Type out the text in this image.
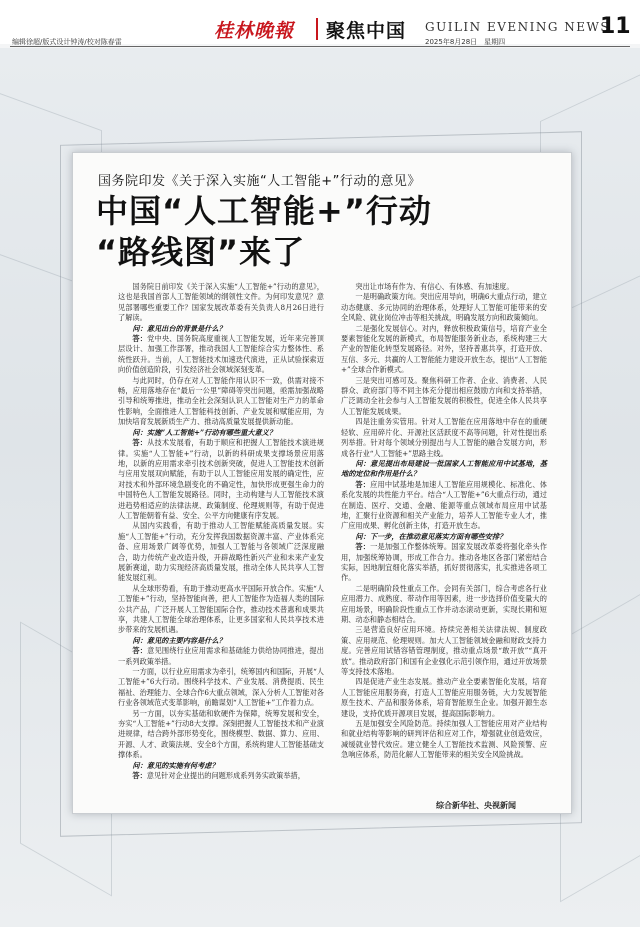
桂林晚報 聚焦中国 GUILIN EVENING NEWS
11
2025年8月28日　星期四
编辑徐超/版式设计钟涛/校对陈春雷
国务院印发《关于深入实施“人工智能+”行动的意见》
中国“人工智能+”行动
“路线图”来了

国务院日前印发《关于深入实施“人工智能+”行动的意见》，这也是我国首部人工智能领域的纲领性文件。为何印发意见？意见部署哪些重要工作？国家发展改革委有关负责人8月26日进行了解读。

问：意见出台的背景是什么？

答：党中央、国务院高度重视人工智能发展，近年来完善顶层设计、加强工作部署，推动我国人工智能综合实力整体性、系统性跃升。当前，人工智能技术加速迭代演进，正从试验探索迈向价值创造阶段，引发经济社会领域深刻变革。

与此同时，仍存在对人工智能作用认识不一致，供需对接不畅，应用落地存在“最后一公里”障碍等突出问题，亟需加强战略引导和统筹推进，推动全社会深刻认识人工智能对生产力的革命性影响，全面推进人工智能科技创新、产业发展和赋能应用，为加快培育发展新质生产力、推动高质量发展提供新动能。

问：实施“人工智能+”行动有哪些重大意义？

答：从技术发展看，有助于顺应和把握人工智能技术演进规律。实施“人工智能+”行动，以新的科研成果支撑场景应用落地，以新的应用需求牵引技术创新突破，促进人工智能技术创新与应用发展双向赋能，有助于以人工智能应用发展的确定性，应对技术和外部环境急剧变化的不确定性，加快形成更强生命力的中国特色人工智能发展路径。同时，主动构建与人工智能技术演进趋势相适应的法律法规、政策制度、伦理规则等，有助于促进人工智能朝着有益、安全、公平方向健康有序发展。

从国内实践看，有助于推动人工智能赋能高质量发展。实施“人工智能+”行动，充分发挥我国数据资源丰富、产业体系完备、应用场景广阔等优势，加强人工智能与各领域广泛深度融合，助力传统产业改造升级，开辟战略性新兴产业和未来产业发展新赛道，助力实现经济高质量发展，推动全体人民共享人工智能发展红利。

从全球形势看，有助于推动更高水平国际开放合作。实施“人工智能+”行动，坚持智能向善，把人工智能作为造福人类的国际公共产品，广泛开展人工智能国际合作，推动技术普惠和成果共享，共建人工智能全球治理体系，让更多国家和人民共享技术进步带来的发展机遇。

问：意见的主要内容是什么？

答：意见围绕行业应用需求和基础能力供给协同推进，提出一系列政策举措。

一方面，以行业应用需求为牵引，统筹国内和国际，开展“人工智能+”6大行动。围绕科学技术、产业发展、消费提质、民生福祉、治理能力、全球合作6大重点领域，深入分析人工智能对各行业各领域范式变革影响，前瞻谋划“人工智能+”工作着力点。

另一方面，以夯实基础和软硬件为保障，统筹发展和安全，夯实“人工智能+”行动8大支撑。深刻把握人工智能技术和产业演进规律，结合跨外部形势变化，围绕模型、数据、算力、应用、开源、人才、政策法规、安全8个方面，系统构建人工智能基础支撑体系。

问：意见的实施有何考虑？

答：意见针对企业提出的问题形成系列务实政策举措，

突出让市场有作为、有信心、有体感、有加速度。

一是明确政策方向。突出应用导向，明确6大重点行动，建立动态健康、多元协同的治理体系，处理好人工智能可能带来的安全风险、就业岗位冲击等相关挑战，明确发展方向和政策倾向。

二是强化发展信心。对内，释放积极政策信号，培育产业全要素智能化发展的新模式，布局智能服务新业态，系统构建三大产业的智能化转型发展路径。对外，坚持普惠共享，打造开放、互信、多元、共赢的人工智能能力建设开放生态，提出“人工智能+”全球合作新模式。

三是突出可感可及。聚焦科研工作者、企业、消费者、人民群众、政府部门等不同主体充分提出相应鼓励方向和支持举措，广泛调动全社会参与人工智能发展的积极性，促进全体人民共享人工智能发展成果。

四是注重务实管用。针对人工智能在应用落地中存在的重硬轻软、应用碎片化、开源社区活跃度不高等问题，针对性提出系列举措。针对每个领域分别提出与人工智能的融合发展方向，形成各行业“人工智能+”思路主线。

问：意见提出布局建设一批国家人工智能应用中试基地，基地的定位和作用是什么？

答：应用中试基地是加速人工智能应用规模化、标准化、体系化发展的共性能力平台。结合“人工智能+”6大重点行动，通过在制造、医疗、交通、金融、能源等重点领域布局应用中试基地，汇聚行业资源和相关产业能力，培养人工智能专业人才，推广应用成果、孵化创新主体，打造开放生态。

问：下一步，在推动意见落实方面有哪些安排？

答：一是加强工作整体统筹。国家发展改革委将强化牵头作用，加强统筹协调，形成工作合力。推动各地区各部门紧密结合实际，因地制宜细化落实举措，抓好贯彻落实，扎实推进各项工作。

二是明确阶段性重点工作。会同有关部门，综合考虑各行业应用潜力、成熟度、带动作用等因素，进一步选择价值变量大的应用场景，明确阶段性重点工作并动态滚动更新，实现长期和短期、动态和静态相结合。

三是营造良好应用环境。持续完善相关法律法规、制度政策、应用规范、伦理规则。加大人工智能领域金融和财政支持力度。完善应用试错容错管理制度，推动重点场景“敢开放”“真开放”。推动政府部门和国有企业强化示范引领作用，通过开放场景等支持技术落地。

四是促进产业生态发展。推动产业全要素智能化发展，培育人工智能应用服务商，打造人工智能应用服务链，大力发展智能原生技术、产品和服务体系，培育智能原生企业。加强开源生态建设，支持优质开源项目发展，提高国际影响力。

五是加强安全风险防范。持续加强人工智能应用对产业结构和就业结构等影响的研判评估和应对工作，增强就业创造效应，减缓就业替代效应。建立健全人工智能技术监测、风险预警、应急响应体系，防范化解人工智能带来的相关安全风险挑战。

综合新华社、央视新闻
